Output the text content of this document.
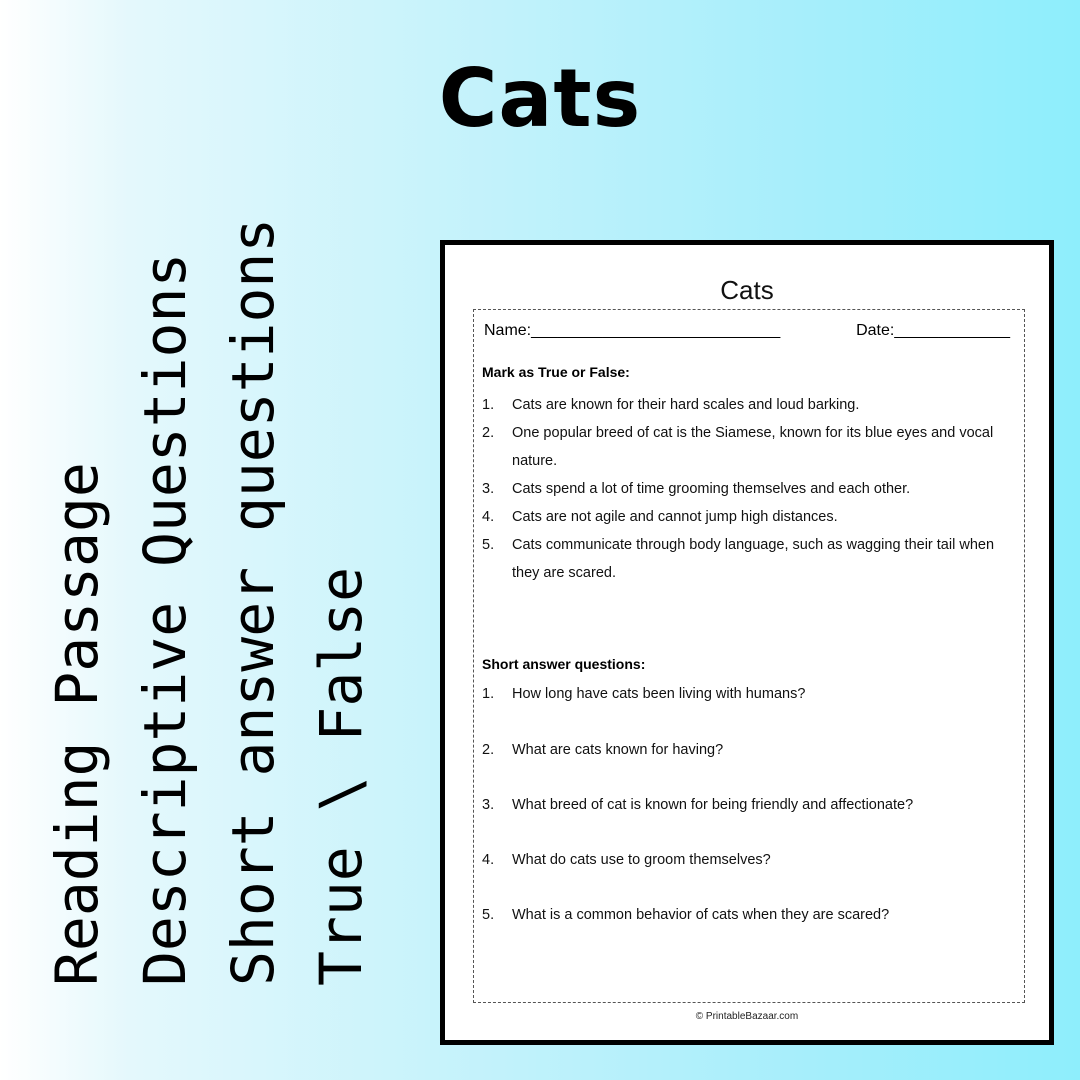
Cats
Reading Passage Descriptive Questions Short answer questions True \ False
Cats
Name:____________________________	Date:_____________
Mark as True or False:
1.	Cats are known for their hard scales and loud barking.
2.	One popular breed of cat is the Siamese, known for its blue eyes and vocal nature.
3.	Cats spend a lot of time grooming themselves and each other.
4.	Cats are not agile and cannot jump high distances.
5.	Cats communicate through body language, such as wagging their tail when they are scared.
Short answer questions:
1.	How long have cats been living with humans?
2.	What are cats known for having?
3.	What breed of cat is known for being friendly and affectionate?
4.	What do cats use to groom themselves?
5.	What is a common behavior of cats when they are scared?
© PrintableBazaar.com
